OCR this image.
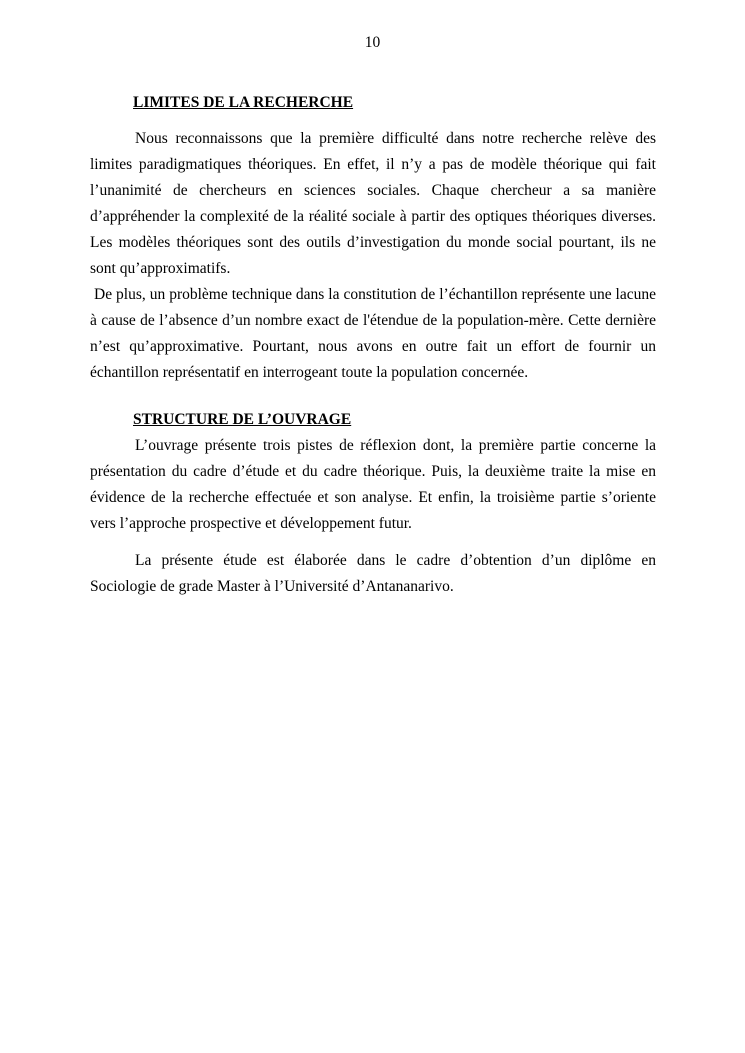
10
LIMITES DE LA RECHERCHE

Nous reconnaissons que la première difficulté dans notre recherche relève des limites paradigmatiques théoriques. En effet, il n’y a pas de modèle théorique qui fait l’unanimité de chercheurs en sciences sociales. Chaque chercheur a sa manière d’appréhender la complexité de la réalité sociale à partir des optiques théoriques diverses. Les modèles théoriques sont des outils d’investigation du monde social pourtant, ils ne sont qu’approximatifs.

De plus, un problème technique dans la constitution de l’échantillon représente une lacune à cause de l’absence d’un nombre exact de l'étendue de la population-mère. Cette dernière n’est qu’approximative. Pourtant, nous avons en outre fait un effort de fournir un échantillon représentatif en interrogeant toute la population concernée.

STRUCTURE DE L’OUVRAGE

L’ouvrage présente trois pistes de réflexion dont, la première partie concerne la présentation du cadre d’étude et du cadre théorique. Puis, la deuxième traite la mise en évidence de la recherche effectuée et son analyse. Et enfin, la troisième partie s’oriente vers l’approche prospective et développement futur.

La présente étude est élaborée dans le cadre d’obtention d’un diplôme en Sociologie de grade Master à l’Université d’Antananarivo.
